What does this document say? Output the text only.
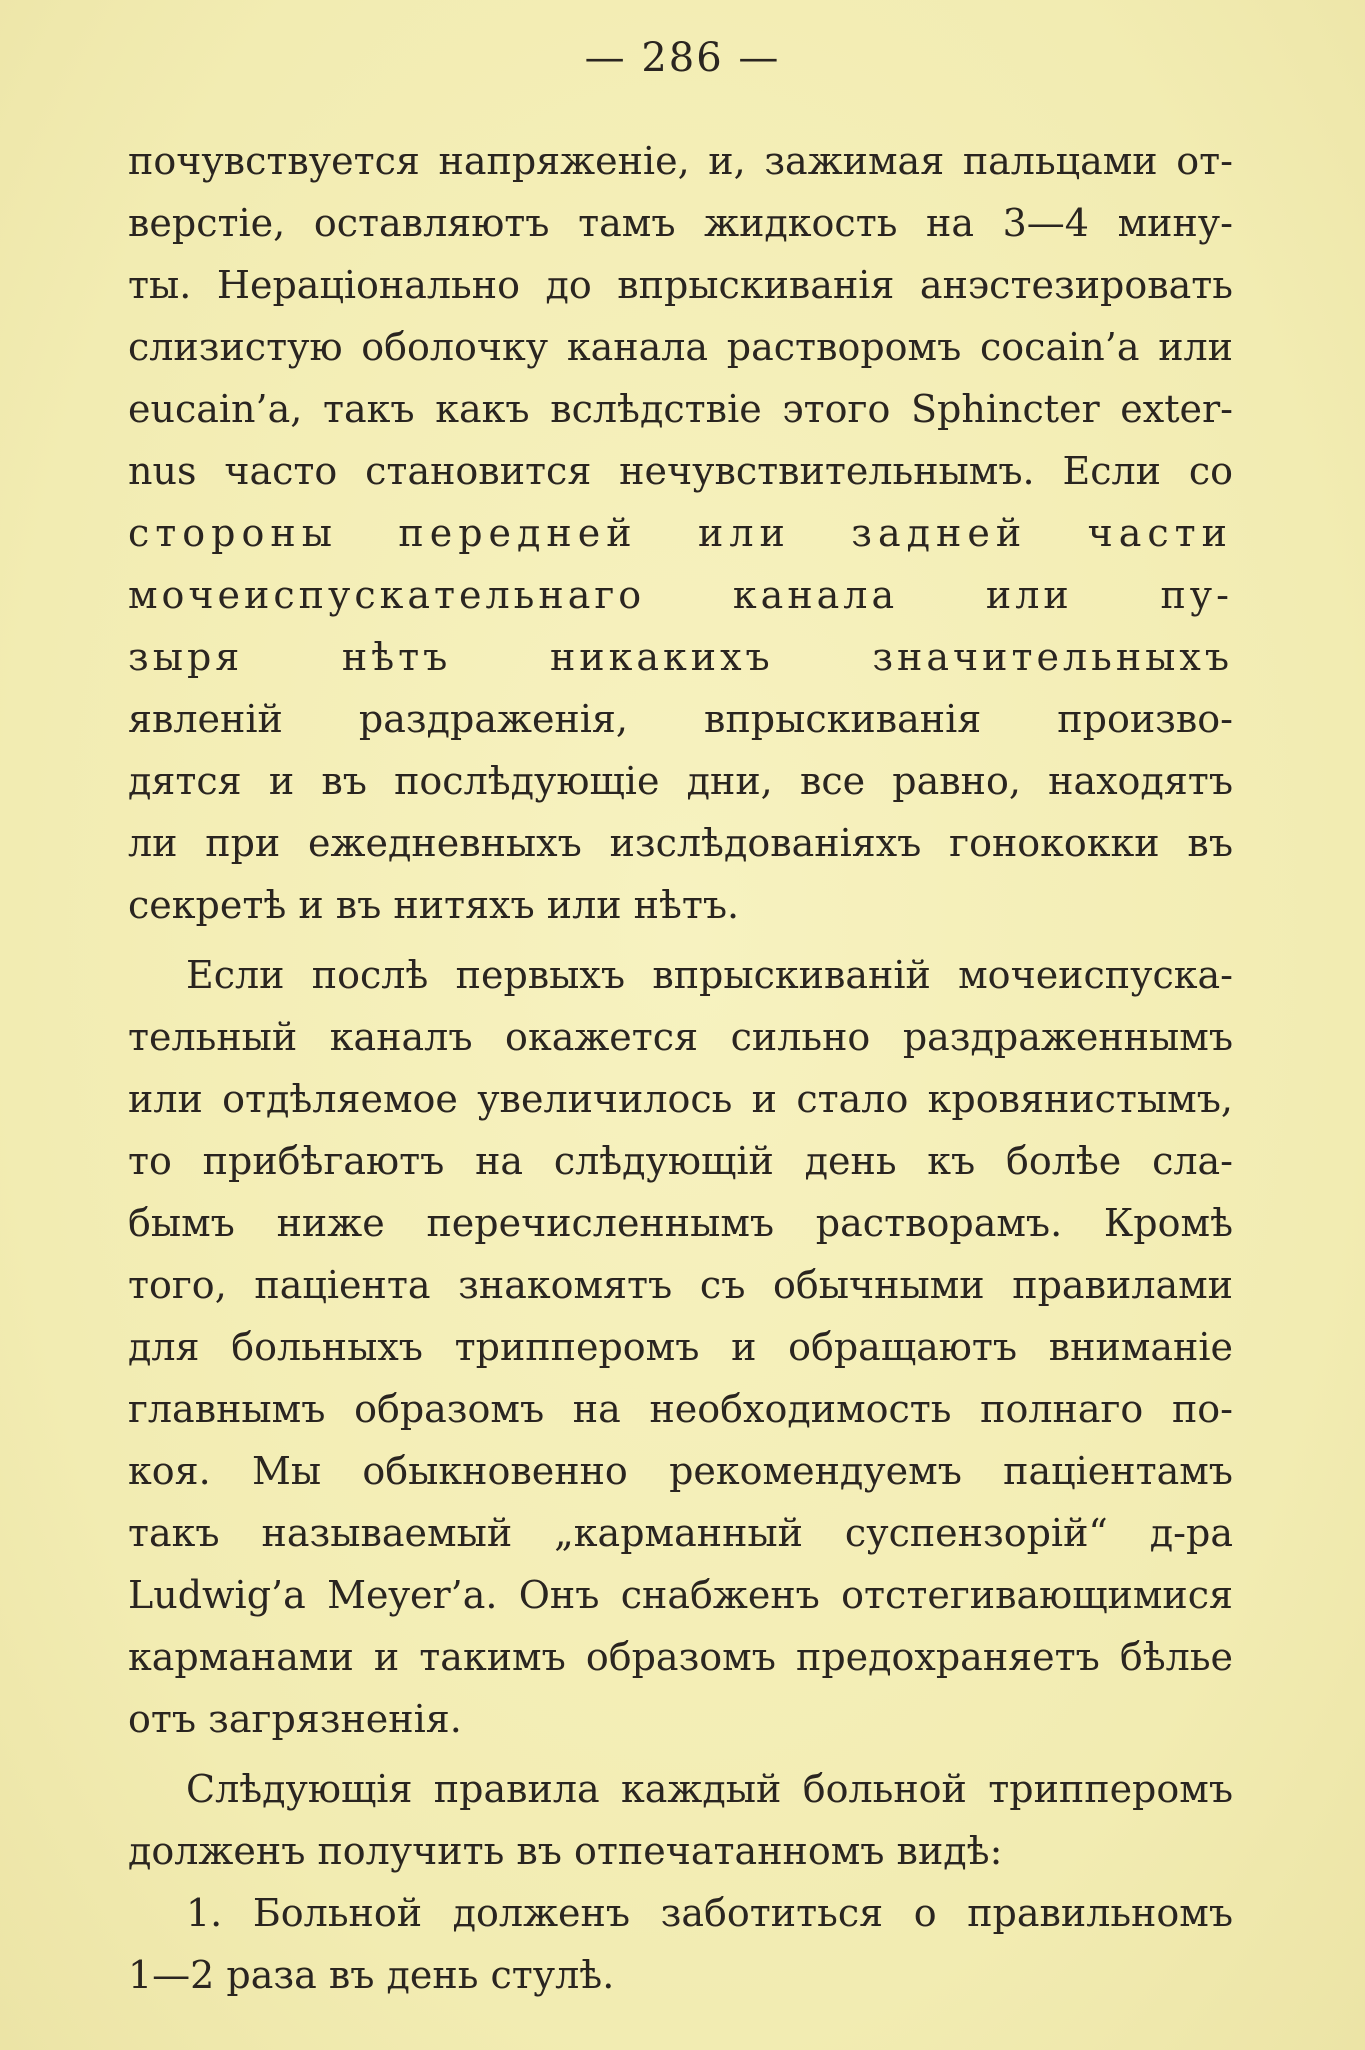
— 286 —
почувствуется напряженіе, и, зажимая пальцами от-
верстіе, оставляютъ тамъ жидкость на 3—4 мину-
ты. Нераціонально до впрыскиванія анэстезировать
слизистую оболочку канала растворомъ cocain’a или
eucain’a, такъ какъ вслѣдствіе этого Sphincter exter-
nus часто становится нечувствительнымъ. Если со
стороны передней или задней части
мочеиспускательнаго канала или пу-
зыря нѣтъ никакихъ значительныхъ
явленій раздраженія, впрыскиванія произво-
дятся и въ послѣдующіе дни, все равно, находятъ
ли при ежедневныхъ изслѣдованіяхъ гонококки въ
секретѣ и въ нитяхъ или нѣтъ.
Если послѣ первыхъ впрыскиваній мочеиспуска-
тельный каналъ окажется сильно раздраженнымъ
или отдѣляемое увеличилось и стало кровянистымъ,
то прибѣгаютъ на слѣдующій день къ болѣе сла-
бымъ ниже перечисленнымъ растворамъ. Кромѣ
того, паціента знакомятъ съ обычными правилами
для больныхъ трипперомъ и обращаютъ вниманіе
главнымъ образомъ на необходимость полнаго по-
коя. Мы обыкновенно рекомендуемъ паціентамъ
такъ называемый „карманный суспензорій“ д-ра
Ludwig’a Meyer’a. Онъ снабженъ отстегивающимися
карманами и такимъ образомъ предохраняетъ бѣлье
отъ загрязненія.
Слѣдующія правила каждый больной трипперомъ
долженъ получить въ отпечатанномъ видѣ:
1. Больной долженъ заботиться о правильномъ
1—2 раза въ день стулѣ.
